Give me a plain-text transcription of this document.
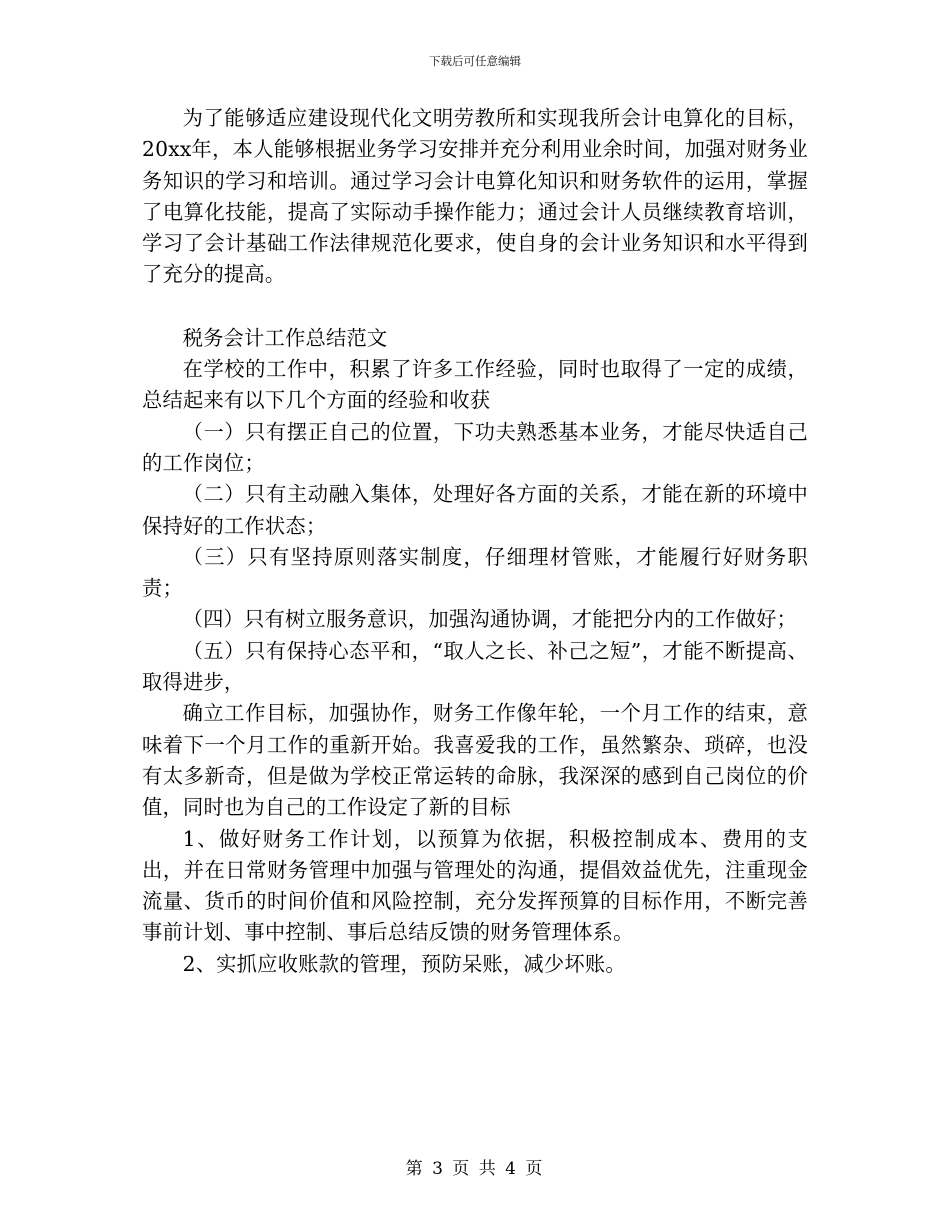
下载后可任意编辑

为了能够适应建设现代化文明劳教所和实现我所会计电算化的目标，20xx年，本人能够根据业务学习安排并充分利用业余时间，加强对财务业务知识的学习和培训。通过学习会计电算化知识和财务软件的运用，掌握了电算化技能，提高了实际动手操作能力；通过会计人员继续教育培训，学习了会计基础工作法律规范化要求，使自身的会计业务知识和水平得到了充分的提高。

税务会计工作总结范文

在学校的工作中，积累了许多工作经验，同时也取得了一定的成绩，总结起来有以下几个方面的经验和收获

（一）只有摆正自己的位置，下功夫熟悉基本业务，才能尽快适自己的工作岗位；

（二）只有主动融入集体，处理好各方面的关系，才能在新的环境中保持好的工作状态；

（三）只有坚持原则落实制度，仔细理材管账，才能履行好财务职责；

（四）只有树立服务意识，加强沟通协调，才能把分内的工作做好；

（五）只有保持心态平和，“取人之长、补己之短”，才能不断提高、取得进步，

确立工作目标，加强协作，财务工作像年轮，一个月工作的结束，意味着下一个月工作的重新开始。我喜爱我的工作，虽然繁杂、琐碎，也没有太多新奇，但是做为学校正常运转的命脉，我深深的感到自己岗位的价值，同时也为自己的工作设定了新的目标

1、做好财务工作计划，以预算为依据，积极控制成本、费用的支出，并在日常财务管理中加强与管理处的沟通，提倡效益优先，注重现金流量、货币的时间价值和风险控制，充分发挥预算的目标作用，不断完善事前计划、事中控制、事后总结反馈的财务管理体系。

2、实抓应收账款的管理，预防呆账，减少坏账。

第 3 页 共 4 页
